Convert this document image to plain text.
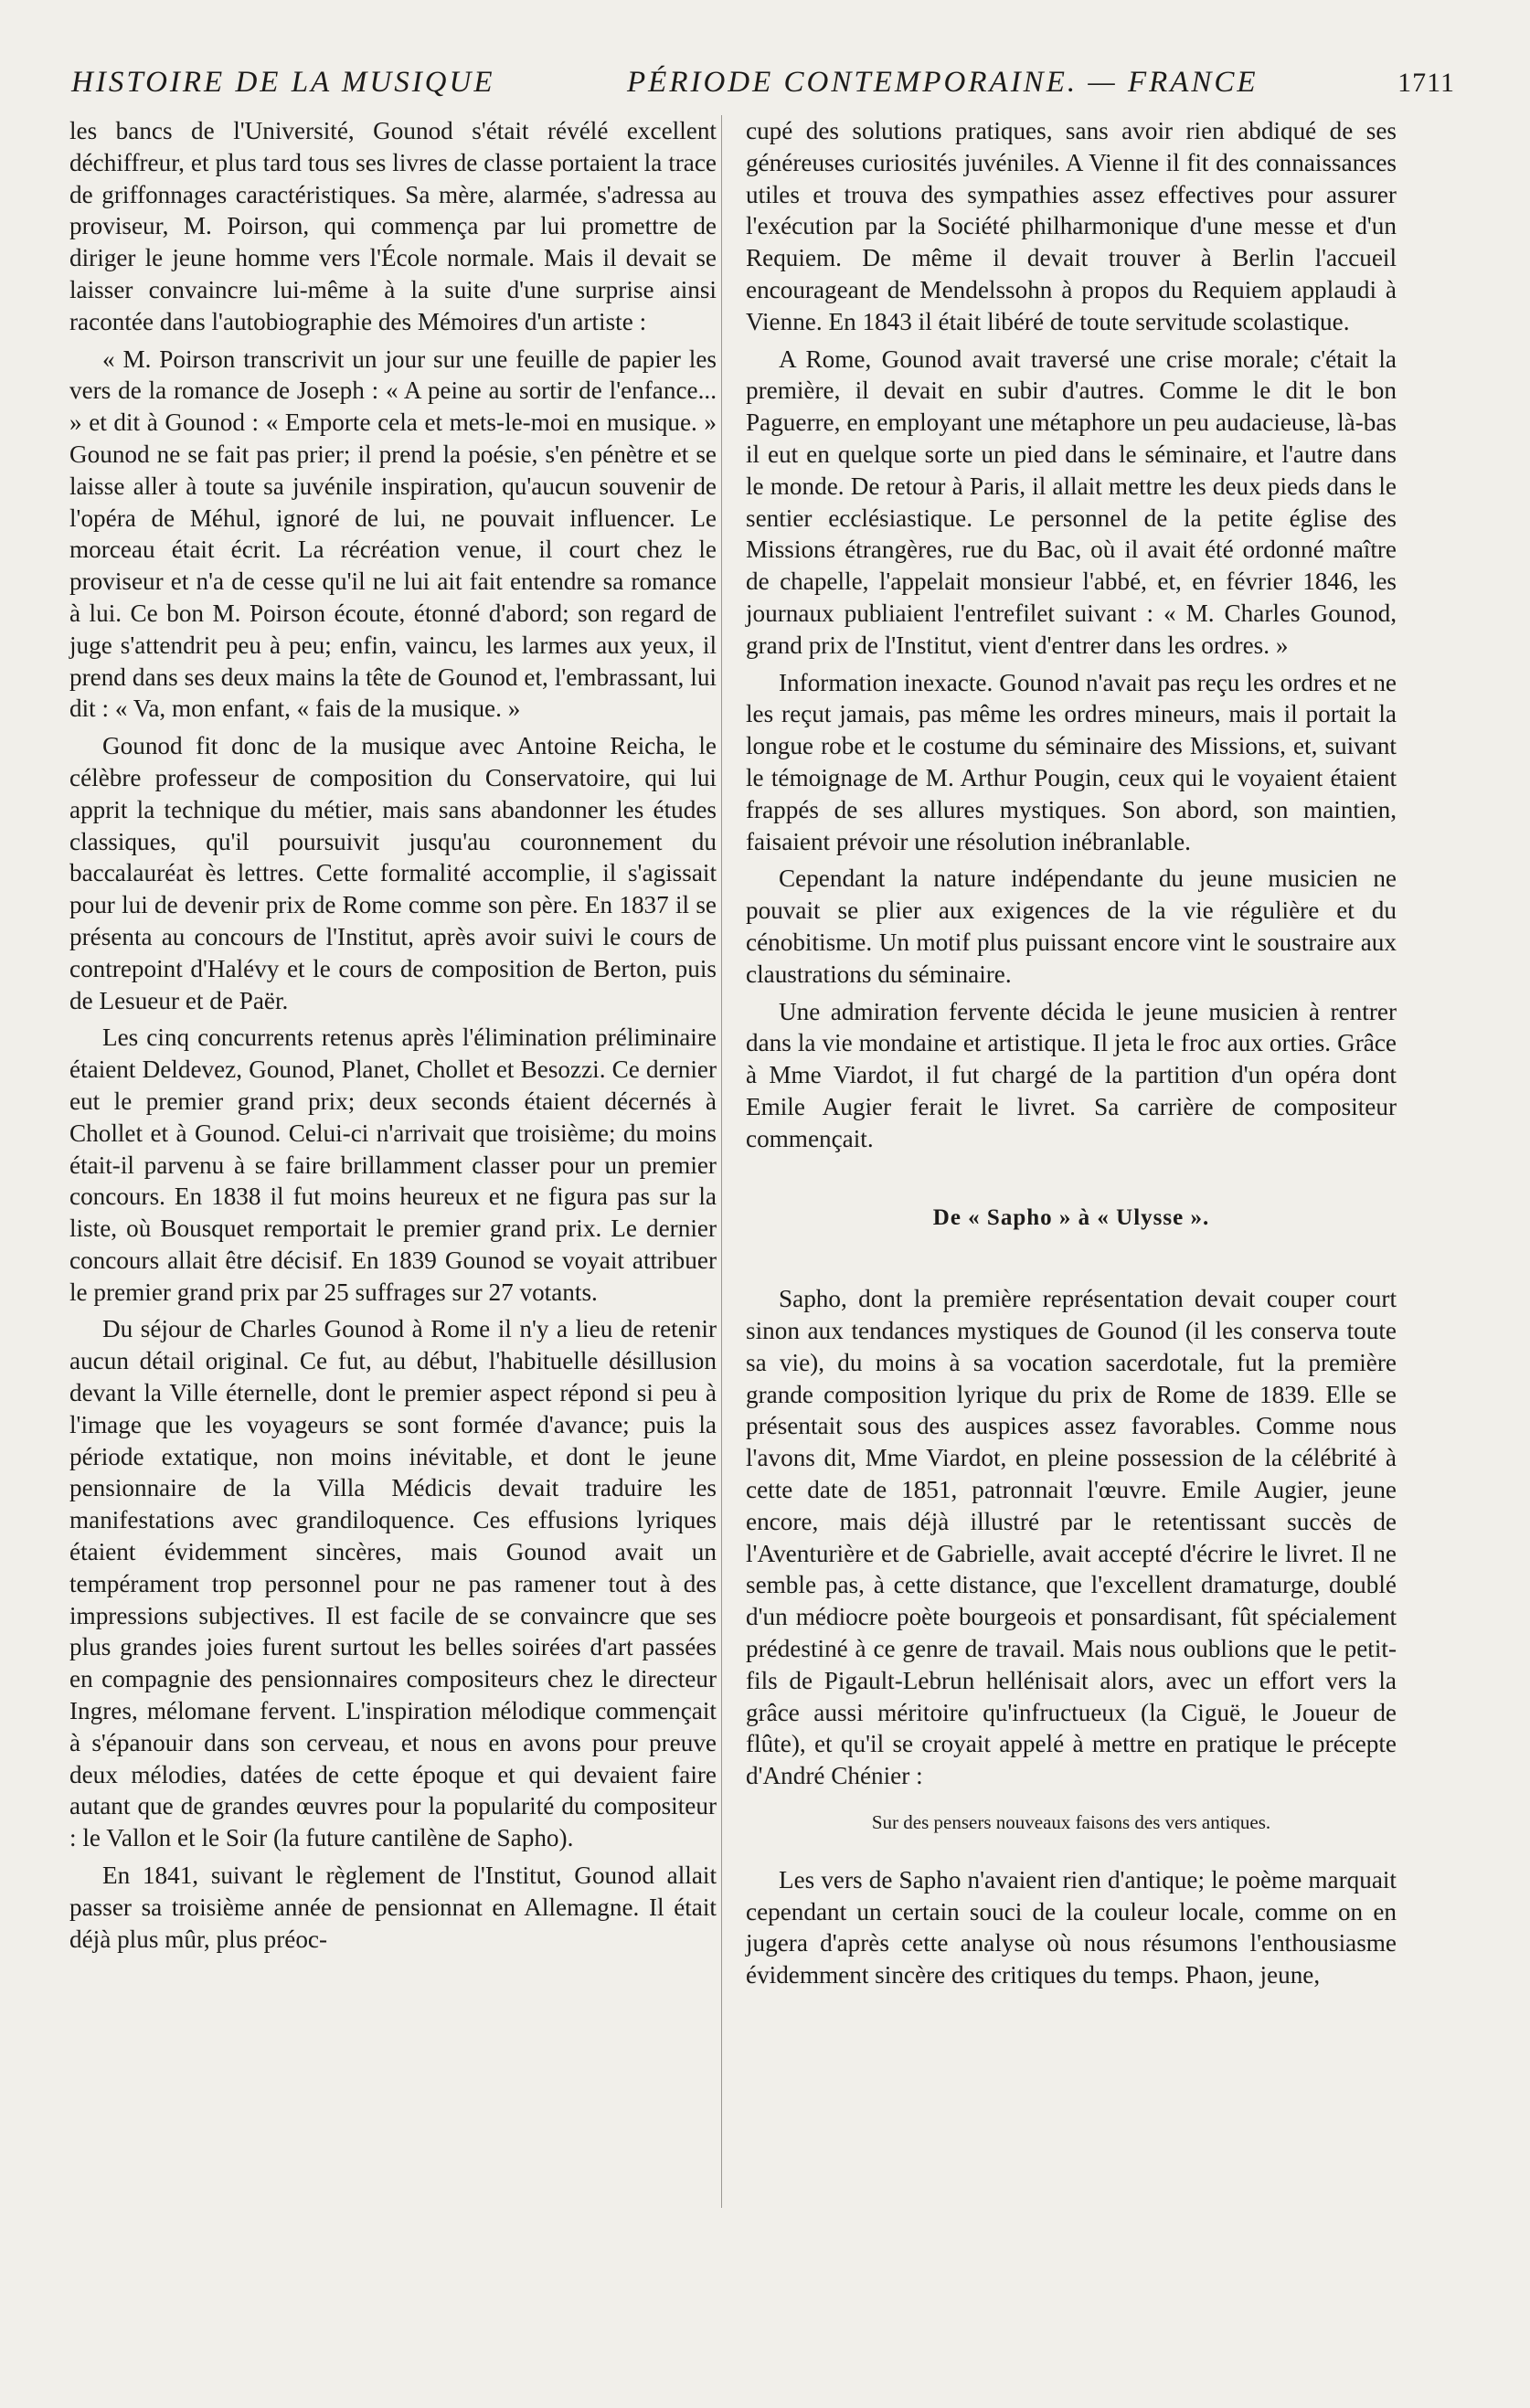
HISTOIRE DE LA MUSIQUE	PÉRIODE CONTEMPORAINE. — FRANCE	1711

les bancs de l'Université, Gounod s'était révélé excellent déchiffreur, et plus tard tous ses livres de classe portaient la trace de griffonnages caractéristiques. Sa mère, alarmée, s'adressa au proviseur, M. Poirson, qui commença par lui promettre de diriger le jeune homme vers l'École normale. Mais il devait se laisser convaincre lui-même à la suite d'une surprise ainsi racontée dans l'autobiographie des Mémoires d'un artiste :

« M. Poirson transcrivit un jour sur une feuille de papier les vers de la romance de Joseph : « A peine au sortir de l'enfance... » et dit à Gounod : « Emporte cela et mets-le-moi en musique. » Gounod ne se fait pas prier; il prend la poésie, s'en pénètre et se laisse aller à toute sa juvénile inspiration, qu'aucun souvenir de l'opéra de Méhul, ignoré de lui, ne pouvait influencer. Le morceau était écrit. La récréation venue, il court chez le proviseur et n'a de cesse qu'il ne lui ait fait entendre sa romance à lui. Ce bon M. Poirson écoute, étonné d'abord; son regard de juge s'attendrit peu à peu; enfin, vaincu, les larmes aux yeux, il prend dans ses deux mains la tête de Gounod et, l'embrassant, lui dit : « Va, mon enfant, « fais de la musique. »

Gounod fit donc de la musique avec Antoine Reicha, le célèbre professeur de composition du Conservatoire, qui lui apprit la technique du métier, mais sans abandonner les études classiques, qu'il poursuivit jusqu'au couronnement du baccalauréat ès lettres. Cette formalité accomplie, il s'agissait pour lui de devenir prix de Rome comme son père. En 1837 il se présenta au concours de l'Institut, après avoir suivi le cours de contrepoint d'Halévy et le cours de composition de Berton, puis de Lesueur et de Paër.

Les cinq concurrents retenus après l'élimination préliminaire étaient Deldevez, Gounod, Planet, Chollet et Besozzi. Ce dernier eut le premier grand prix; deux seconds étaient décernés à Chollet et à Gounod. Celui-ci n'arrivait que troisième; du moins était-il parvenu à se faire brillamment classer pour un premier concours. En 1838 il fut moins heureux et ne figura pas sur la liste, où Bousquet remportait le premier grand prix. Le dernier concours allait être décisif. En 1839 Gounod se voyait attribuer le premier grand prix par 25 suffrages sur 27 votants.

Du séjour de Charles Gounod à Rome il n'y a lieu de retenir aucun détail original. Ce fut, au début, l'habituelle désillusion devant la Ville éternelle, dont le premier aspect répond si peu à l'image que les voyageurs se sont formée d'avance; puis la période extatique, non moins inévitable, et dont le jeune pensionnaire de la Villa Médicis devait traduire les manifestations avec grandiloquence. Ces effusions lyriques étaient évidemment sincères, mais Gounod avait un tempérament trop personnel pour ne pas ramener tout à des impressions subjectives. Il est facile de se convaincre que ses plus grandes joies furent surtout les belles soirées d'art passées en compagnie des pensionnaires compositeurs chez le directeur Ingres, mélomane fervent. L'inspiration mélodique commençait à s'épanouir dans son cerveau, et nous en avons pour preuve deux mélodies, datées de cette époque et qui devaient faire autant que de grandes œuvres pour la popularité du compositeur : le Vallon et le Soir (la future cantilène de Sapho).

En 1841, suivant le règlement de l'Institut, Gounod allait passer sa troisième année de pensionnat en Allemagne. Il était déjà plus mûr, plus préoc-

cupé des solutions pratiques, sans avoir rien abdiqué de ses généreuses curiosités juvéniles. A Vienne il fit des connaissances utiles et trouva des sympathies assez effectives pour assurer l'exécution par la Société philharmonique d'une messe et d'un Requiem. De même il devait trouver à Berlin l'accueil encourageant de Mendelssohn à propos du Requiem applaudi à Vienne. En 1843 il était libéré de toute servitude scolastique.

A Rome, Gounod avait traversé une crise morale; c'était la première, il devait en subir d'autres. Comme le dit le bon Paguerre, en employant une métaphore un peu audacieuse, là-bas il eut en quelque sorte un pied dans le séminaire, et l'autre dans le monde. De retour à Paris, il allait mettre les deux pieds dans le sentier ecclésiastique. Le personnel de la petite église des Missions étrangères, rue du Bac, où il avait été ordonné maître de chapelle, l'appelait monsieur l'abbé, et, en février 1846, les journaux publiaient l'entrefilet suivant : « M. Charles Gounod, grand prix de l'Institut, vient d'entrer dans les ordres. »

Information inexacte. Gounod n'avait pas reçu les ordres et ne les reçut jamais, pas même les ordres mineurs, mais il portait la longue robe et le costume du séminaire des Missions, et, suivant le témoignage de M. Arthur Pougin, ceux qui le voyaient étaient frappés de ses allures mystiques. Son abord, son maintien, faisaient prévoir une résolution inébranlable.

Cependant la nature indépendante du jeune musicien ne pouvait se plier aux exigences de la vie régulière et du cénobitisme. Un motif plus puissant encore vint le soustraire aux claustrations du séminaire.

Une admiration fervente décida le jeune musicien à rentrer dans la vie mondaine et artistique. Il jeta le froc aux orties. Grâce à Mme Viardot, il fut chargé de la partition d'un opéra dont Emile Augier ferait le livret. Sa carrière de compositeur commençait.

De « Sapho » à « Ulysse ».

Sapho, dont la première représentation devait couper court sinon aux tendances mystiques de Gounod (il les conserva toute sa vie), du moins à sa vocation sacerdotale, fut la première grande composition lyrique du prix de Rome de 1839. Elle se présentait sous des auspices assez favorables. Comme nous l'avons dit, Mme Viardot, en pleine possession de la célébrité à cette date de 1851, patronnait l'œuvre. Emile Augier, jeune encore, mais déjà illustré par le retentissant succès de l'Aventurière et de Gabrielle, avait accepté d'écrire le livret. Il ne semble pas, à cette distance, que l'excellent dramaturge, doublé d'un médiocre poète bourgeois et ponsardisant, fût spécialement prédestiné à ce genre de travail. Mais nous oublions que le petit-fils de Pigault-Lebrun hellénisait alors, avec un effort vers la grâce aussi méritoire qu'infructueux (la Ciguë, le Joueur de flûte), et qu'il se croyait appelé à mettre en pratique le précepte d'André Chénier :

Sur des pensers nouveaux faisons des vers antiques.

Les vers de Sapho n'avaient rien d'antique; le poème marquait cependant un certain souci de la couleur locale, comme on en jugera d'après cette analyse où nous résumons l'enthousiasme évidemment sincère des critiques du temps. Phaon, jeune,
